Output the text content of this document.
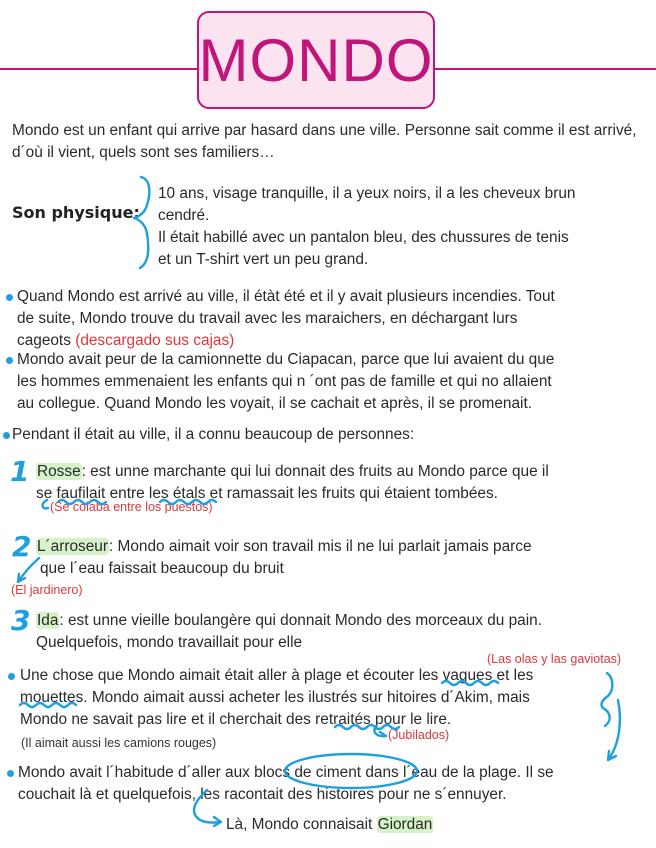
MONDO
Mondo est un enfant qui arrive par hasard dans une ville. Personne sait comme il est arrivé, d´où il vient, quels sont ses familiers…
Son physique:
10 ans, visage tranquille, il a yeux noirs, il a les cheveux brun
cendré.
Il était habillé avec un pantalon bleu, des chussures de tenis
et un T-shirt vert un peu grand.
Quand Mondo est arrivé au ville, il étàt été et il y avait plusieurs incendies. Tout
de suite, Mondo trouve du travail avec les maraichers, en déchargant lurs
cageots (descargado sus cajas)
Mondo avait peur de la camionnette du Ciapacan, parce que lui avaient du que
les hommes emmenaient les enfants qui n ´ont pas de famille et qui no allaient
au collegue. Quand Mondo les voyait, il se cachait et après, il se promenait.
Pendant il était au ville, il a connu beaucoup de personnes:
1 Rosse: est unne marchante qui lui donnait des fruits au Mondo parce que il
se faufilait entre les étals et ramassait les fruits qui étaient tombées.
(Se colaba entre los puestos)
2 L´arroseur: Mondo aimait voir son travail mis il ne lui parlait jamais parce
que l´eau faissait beaucoup du bruit
(El jardinero)
3 Ida: est unne vieille boulangère qui donnait Mondo des morceaux du pain.
Quelquefois, mondo travaillait pour elle
(Las olas y las gaviotas)
Une chose que Mondo aimait était aller à plage et écouter les vagues et les
mouettes. Mondo aimait aussi acheter les ilustrés sur hitoires d´Akim, mais
Mondo ne savait pas lire et il cherchait des retraités pour le lire.
(Jubilados)
(Il aimait aussi les camions rouges)
Mondo avait l´habitude d´aller aux blocs de ciment dans l´eau de la plage. Il se
couchait là et quelquefois, les racontait des histoires pour ne s´ennuyer.
Là, Mondo connaisait Giordan
